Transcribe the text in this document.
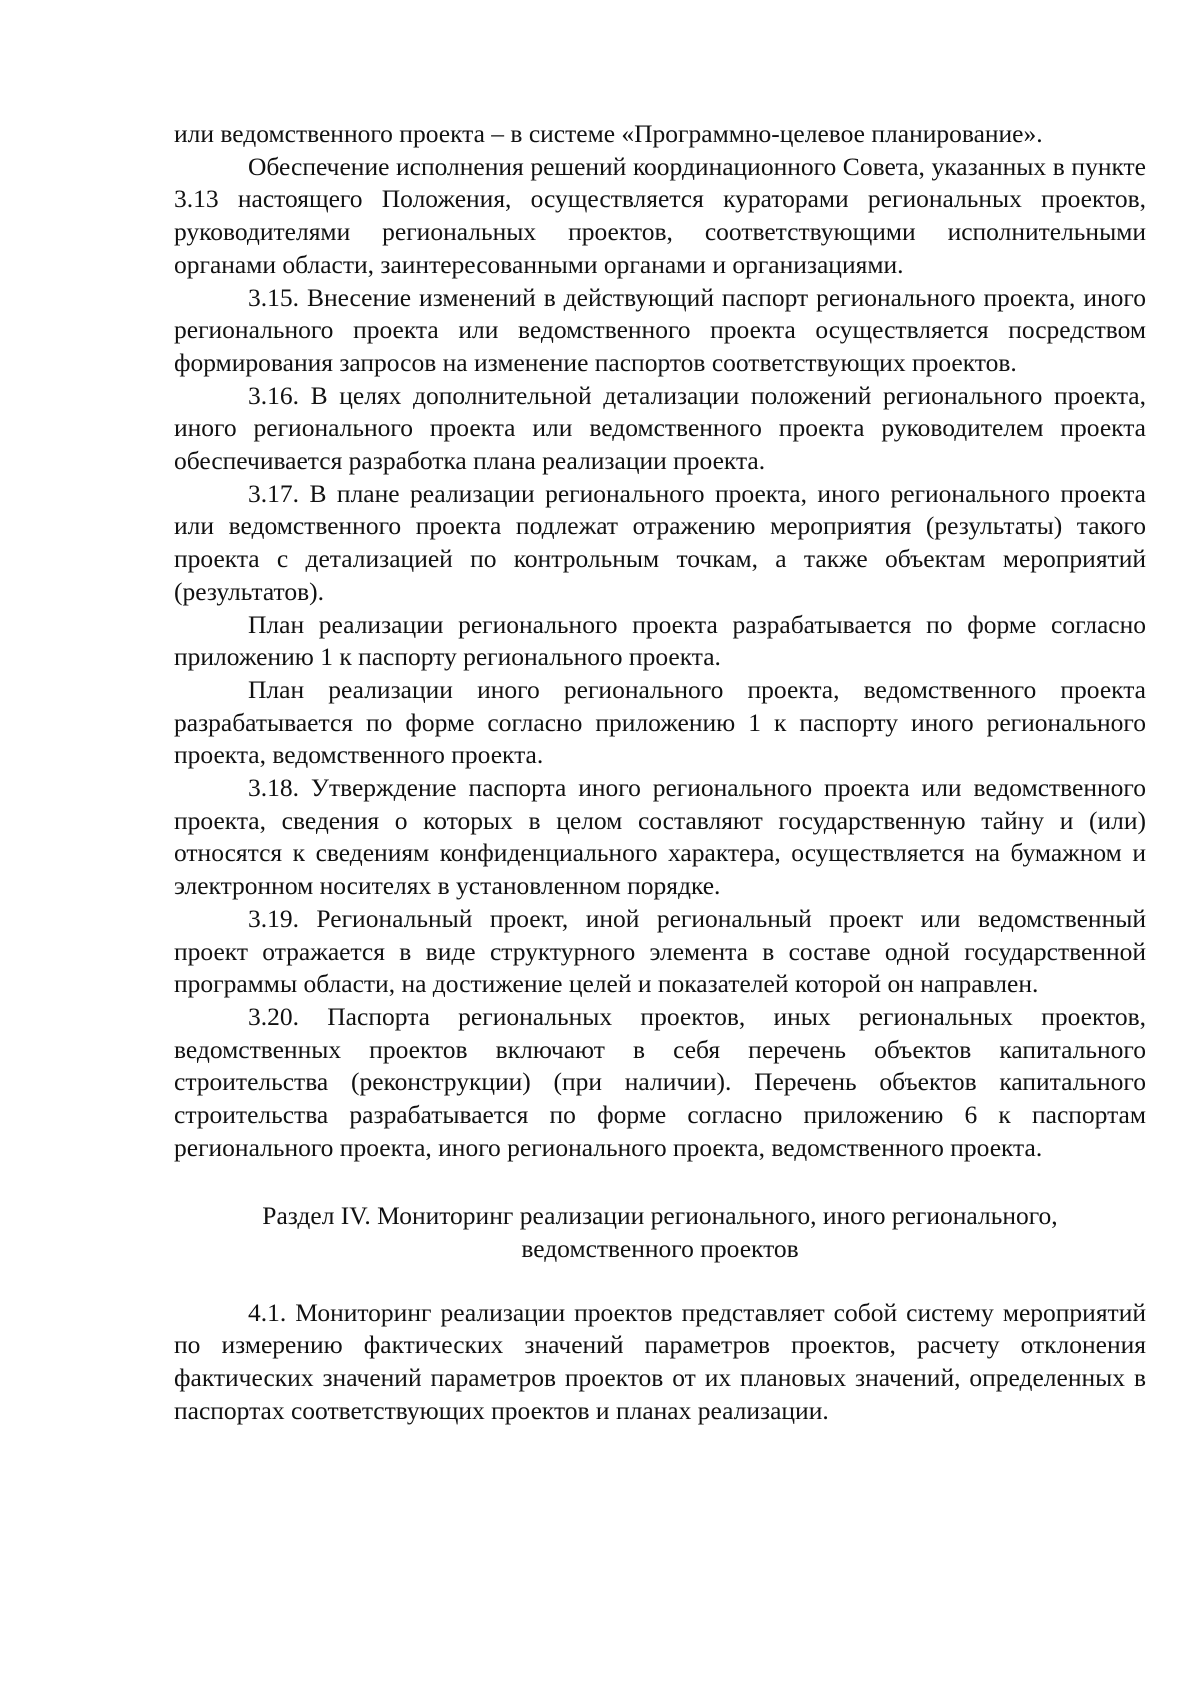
или ведомственного проекта – в системе «Программно-целевое планирование».

Обеспечение исполнения решений координационного Совета, указанных в пункте 3.13 настоящего Положения, осуществляется кураторами региональных проектов, руководителями региональных проектов, соответствующими исполнительными органами области, заинтересованными органами и организациями.

3.15. Внесение изменений в действующий паспорт регионального проекта, иного регионального проекта или ведомственного проекта осуществляется посредством формирования запросов на изменение паспортов соответствующих проектов.

3.16. В целях дополнительной детализации положений регионального проекта, иного регионального проекта или ведомственного проекта руководителем проекта обеспечивается разработка плана реализации проекта.

3.17. В плане реализации регионального проекта, иного регионального проекта или ведомственного проекта подлежат отражению мероприятия (результаты) такого проекта с детализацией по контрольным точкам, а также объектам мероприятий (результатов).

План реализации регионального проекта разрабатывается по форме согласно приложению 1 к паспорту регионального проекта.

План реализации иного регионального проекта, ведомственного проекта разрабатывается по форме согласно приложению 1 к паспорту иного регионального проекта, ведомственного проекта.

3.18. Утверждение паспорта иного регионального проекта или ведомственного проекта, сведения о которых в целом составляют государственную тайну и (или) относятся к сведениям конфиденциального характера, осуществляется на бумажном и электронном носителях в установленном порядке.

3.19. Региональный проект, иной региональный проект или ведомственный проект отражается в виде структурного элемента в составе одной государственной программы области, на достижение целей и показателей которой он направлен.

3.20. Паспорта региональных проектов, иных региональных проектов, ведомственных проектов включают в себя перечень объектов капитального строительства (реконструкции) (при наличии). Перечень объектов капитального строительства разрабатывается по форме согласно приложению 6 к паспортам регионального проекта, иного регионального проекта, ведомственного проекта.

Раздел IV. Мониторинг реализации регионального, иного регионального,
ведомственного проектов

4.1. Мониторинг реализации проектов представляет собой систему мероприятий по измерению фактических значений параметров проектов, расчету отклонения фактических значений параметров проектов от их плановых значений, определенных в паспортах соответствующих проектов и планах реализации.
